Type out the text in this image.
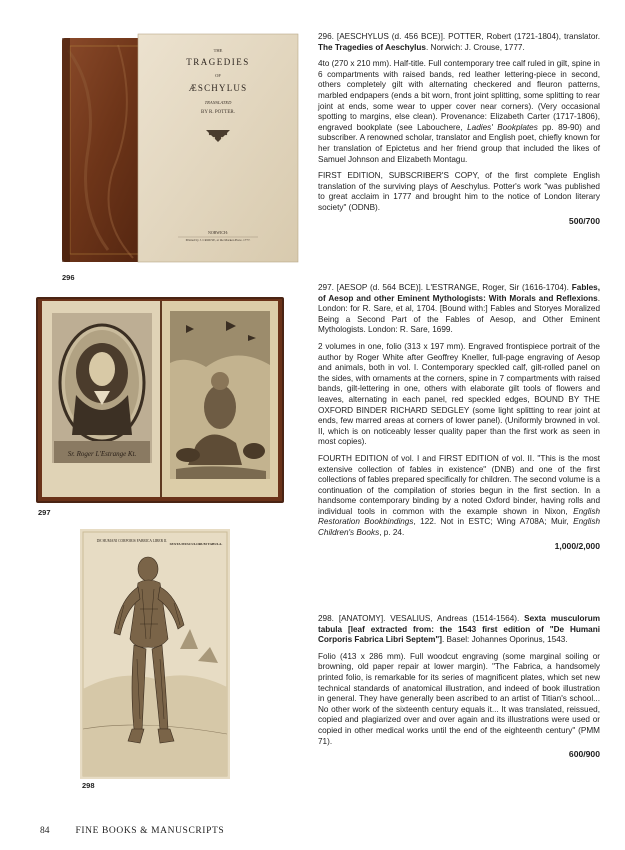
THE
TRAGEDIES
OF
ÆSCHYLUS
TRANSLATED
BY R. POTTER.
NORWICH:
Printed by J. CROUSE, at the Market-Place. 1777.
296
Sr. Roger L'Estrange Kt.
297
DE HUMANI CORPORIS FABRICA LIBER II.
SEXTA MUSCULORUM TABULA.
298

296. [AESCHYLUS (d. 456 BCE)]. POTTER, Robert (1721-1804), translator. The Tragedies of Aeschylus. Norwich: J. Crouse, 1777.

4to (270 x 210 mm). Half-title. Full contemporary tree calf ruled in gilt, spine in 6 compartments with raised bands, red leather lettering-piece in second, others completely gilt with alternating checkered and fleuron patterns, marbled endpapers (ends a bit worn, front joint splitting, some splitting to rear joint at ends, some wear to upper cover near corners). (Very occasional spotting to margins, else clean). Provenance: Elizabeth Carter (1717-1806), engraved bookplate (see Labouchere, Ladies' Bookplates pp. 89-90) and subscriber. A renowned scholar, translator and English poet, chiefly known for her translation of Epictetus and her friend group that included the likes of Samuel Johnson and Elizabeth Montagu.

FIRST EDITION, SUBSCRIBER'S COPY, of the first complete English translation of the surviving plays of Aeschylus. Potter's work "was published to great acclaim in 1777 and brought him to the notice of London literary society" (ODNB).

500/700

297. [AESOP (d. 564 BCE)]. L'ESTRANGE, Roger, Sir (1616-1704). Fables, of Aesop and other Eminent Mythologists: With Morals and Reflexions. London: for R. Sare, et al, 1704. [Bound with:] Fables and Storyes Moralized Being a Second Part of the Fables of Aesop, and Other Eminent Mythologists. London: R. Sare, 1699.

2 volumes in one, folio (313 x 197 mm). Engraved frontispiece portrait of the author by Roger White after Geoffrey Kneller, full-page engraving of Aesop and animals, both in vol. I. Contemporary speckled calf, gilt-rolled panel on the sides, with ornaments at the corners, spine in 7 compartments with raised bands, gilt-lettering in one, others with elaborate gilt tools of flowers and leaves, alternating in each panel, red speckled edges, BOUND BY THE OXFORD BINDER RICHARD SEDGLEY (some light splitting to rear joint at ends, few marred areas at corners of lower panel). (Uniformly browned in vol. II, which is on noticeably lesser quality paper than the first work as seen in most copies).

FOURTH EDITION of vol. I and FIRST EDITION of vol. II. "This is the most extensive collection of fables in existence" (DNB) and one of the first collections of fables prepared specifically for children. The second volume is a continuation of the compilation of stories begun in the first section. In a handsome contemporary binding by a noted Oxford binder, having rolls and individual tools in common with the example shown in Nixon, English Restoration Bookbindings, 122. Not in ESTC; Wing A708A; Muir, English Children's Books, p. 24.

1,000/2,000

298. [ANATOMY]. VESALIUS, Andreas (1514-1564). Sexta musculorum tabula [leaf extracted from: the 1543 first edition of "De Humani Corporis Fabrica Libri Septem"]. Basel: Johannes Oporinus, 1543.

Folio (413 x 286 mm). Full woodcut engraving (some marginal soiling or browning, old paper repair at lower margin). "The Fabrica, a handsomely printed folio, is remarkable for its series of magnificent plates, which set new technical standards of anatomical illustration, and indeed of book illustration in general. They have generally been ascribed to an artist of Titian's school... No other work of the sixteenth century equals it... It was translated, reissued, copied and plagiarized over and over again and its illustrations were used or copied in other medical works until the end of the eighteenth century" (PMM 71).

600/900
84	FINE BOOKS & MANUSCRIPTS
